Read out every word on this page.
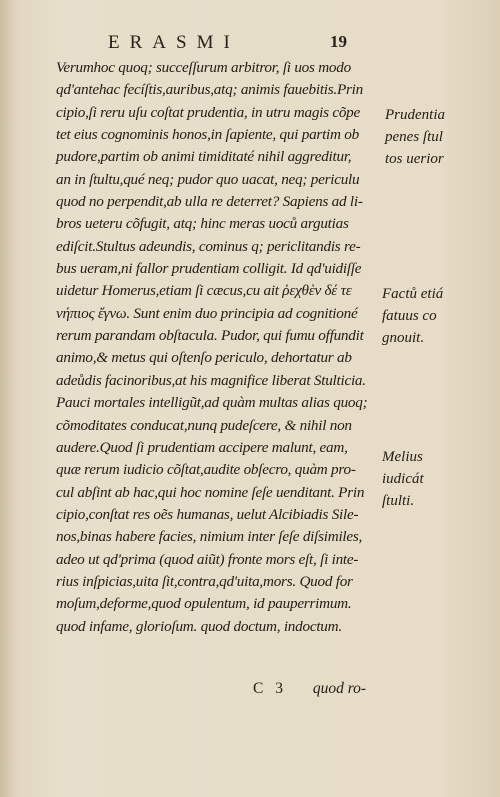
ERASMI	19
Verumhoc quoq; succeſſurum arbitror, ſi uos modo
qd'antehac fecíſtis,auribus,atq; animis fauebitis.Prin
cipio,ſi reru uſu coſtat prudentia, in utru magis cõpe
tet eius cognominis honos,in ſapiente, qui partim ob
pudore,partim ob animi timiditaté nihil aggreditur,
an in ſtultu,qué neq; pudor quo uacat, neq; periculu
quod no perpendit,ab ulla re deterret? Sapiens ad li-
bros ueteru cõfugit, atq; hinc meras uoců argutias
ediſcit.Stultus adeundis, cominus q; periclitandis re-
bus ueram,ni fallor prudentiam colligit. Id qd'uidiſſe
uidetur Homerus,etiam ſi cæcus,cu ait ῥεχθὲν δέ τε
νήπιος ἔγνω. Sunt enim duo principia ad cognitioné
rerum parandam obſtacula. Pudor, qui fumu offundit
animo,& metus qui oſtenſo periculo, dehortatur ab
adeůdis facinoribus,at his magnifice liberat Stulticia.
Pauci mortales intelligũt,ad quàm multas alias quoq;
cõmoditates conducat,nunq pudeſcere, & nihil non
audere.Quod ſi prudentiam accipere malunt, eam,
quæ rerum iudicio cõſtat,audite obſecro, quàm pro-
cul abſint ab hac,qui hoc nomine ſeſe uenditant. Prin
cipio,conſtat res oẽs humanas, uelut Alcibiadis Sile-
nos,binas habere facies, nimium inter ſeſe diſsimiles,
adeo ut qd'prima (quod aiũt) fronte mors eſt, ſi inte-
rius inſpicias,uita ſit,contra,qd'uita,mors. Quod for
moſum,deforme,quod opulentum, id pauperrimum.
quod infame, glorioſum. quod doctum, indoctum.
Prudentia
penes ſtul
tos uerior
Factů etiá
fatuus co
gnouit.
Melius
iudicát
ſtulti.
C 3 quod ro-
